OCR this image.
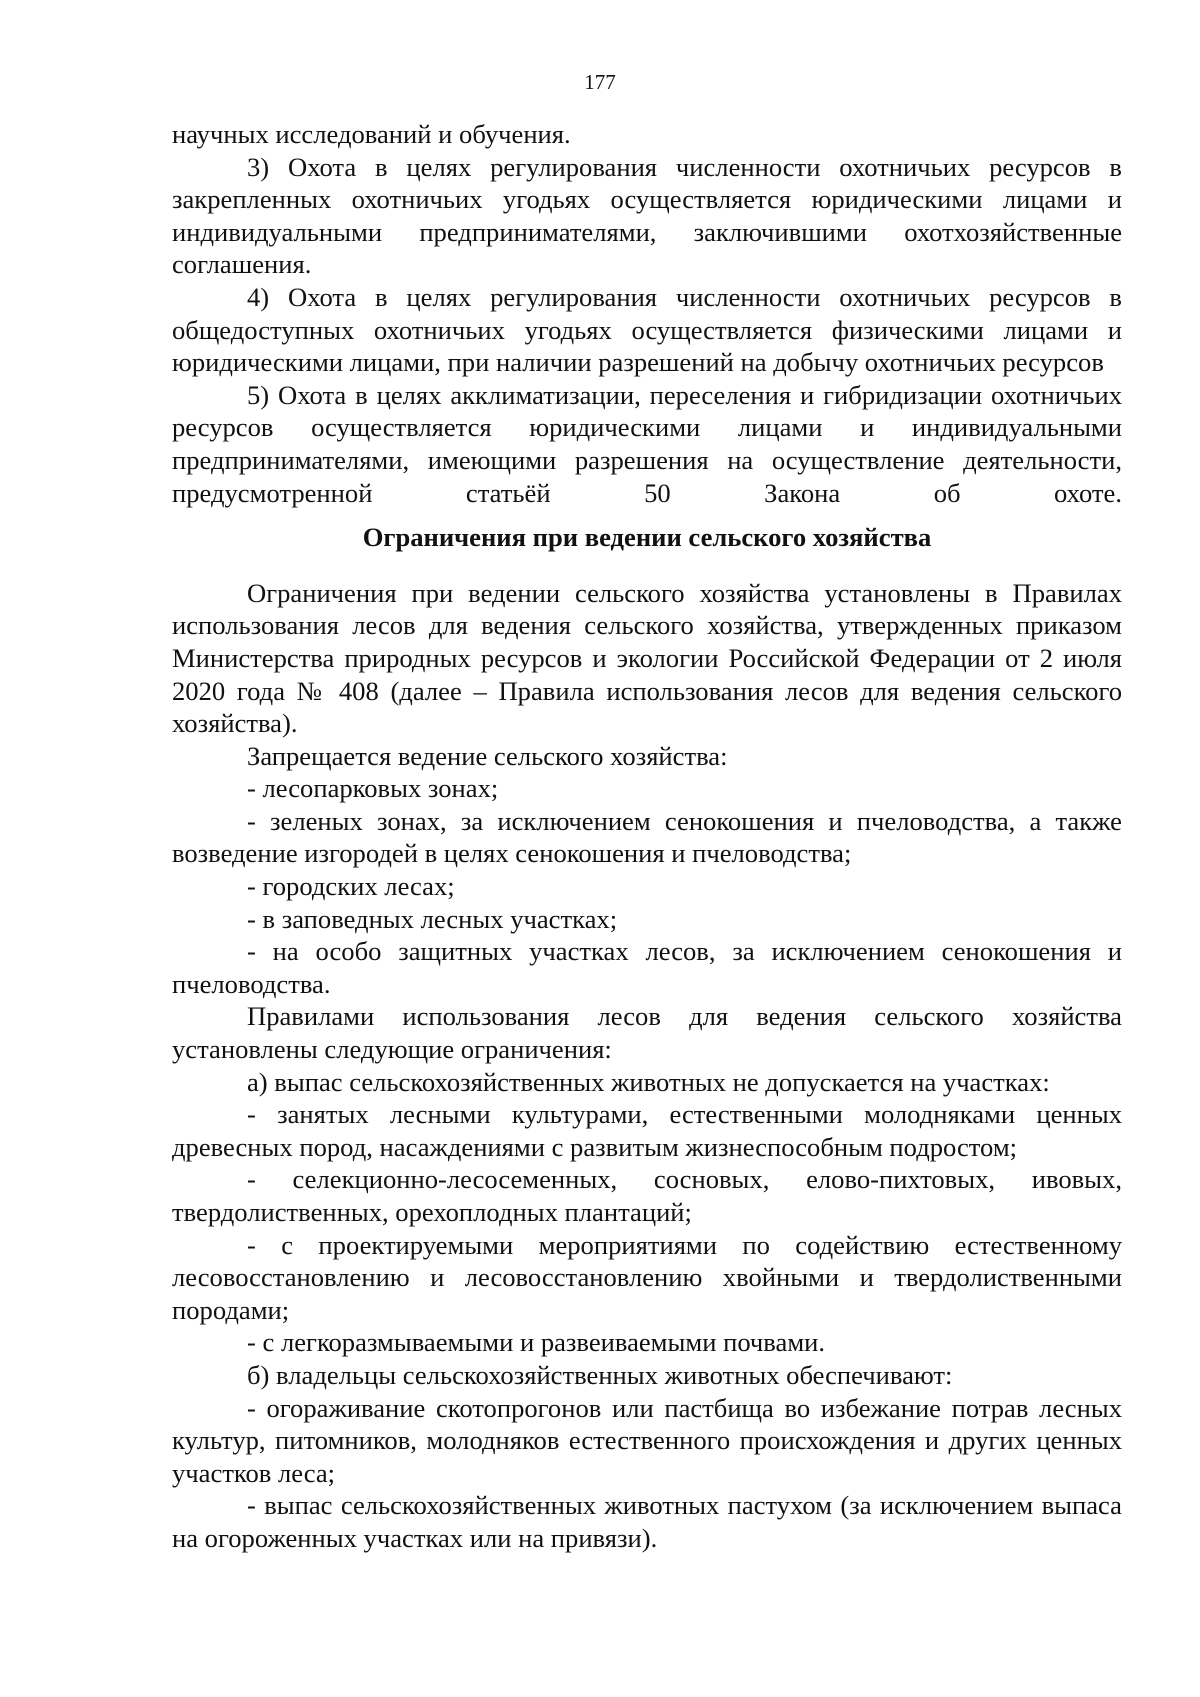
177

научных исследований и обучения.

3) Охота в целях регулирования численности охотничьих ресурсов в закрепленных охотничьих угодьях осуществляется юридическими лицами и индивидуальными предпринимателями, заключившими охотхозяйственные соглашения.

4) Охота в целях регулирования численности охотничьих ресурсов в общедоступных охотничьих угодьях осуществляется физическими лицами и юридическими лицами, при наличии разрешений на добычу охотничьих ресурсов

5) Охота в целях акклиматизации, переселения и гибридизации охотничьих ресурсов осуществляется юридическими лицами и индивидуальными предпринимателями, имеющими разрешения на осуществление деятельности, предусмотренной статьёй 50 Закона об охоте.

Ограничения при ведении сельского хозяйства

Ограничения при ведении сельского хозяйства установлены в Правилах использования лесов для ведения сельского хозяйства, утвержденных приказом Министерства природных ресурсов и экологии Российской Федерации от 2 июля 2020 года № 408 (далее – Правила использования лесов для ведения сельского хозяйства).

Запрещается ведение сельского хозяйства:

- лесопарковых зонах;

- зеленых зонах, за исключением сенокошения и пчеловодства, а также возведение изгородей в целях сенокошения и пчеловодства;

- городских лесах;

- в заповедных лесных участках;

- на особо защитных участках лесов, за исключением сенокошения и пчеловодства.

Правилами использования лесов для ведения сельского хозяйства установлены следующие ограничения:

а) выпас сельскохозяйственных животных не допускается на участках:

- занятых лесными культурами, естественными молодняками ценных древесных пород, насаждениями с развитым жизнеспособным подростом;

- селекционно-лесосеменных, сосновых, елово-пихтовых, ивовых, твердолиственных, орехоплодных плантаций;

- с проектируемыми мероприятиями по содействию естественному лесовосстановлению и лесовосстановлению хвойными и твердолиственными породами;

- с легкоразмываемыми и развеиваемыми почвами.

б) владельцы сельскохозяйственных животных обеспечивают:

- огораживание скотопрогонов или пастбища во избежание потрав лесных культур, питомников, молодняков естественного происхождения и других ценных участков леса;

- выпас сельскохозяйственных животных пастухом (за исключением выпаса на огороженных участках или на привязи).
